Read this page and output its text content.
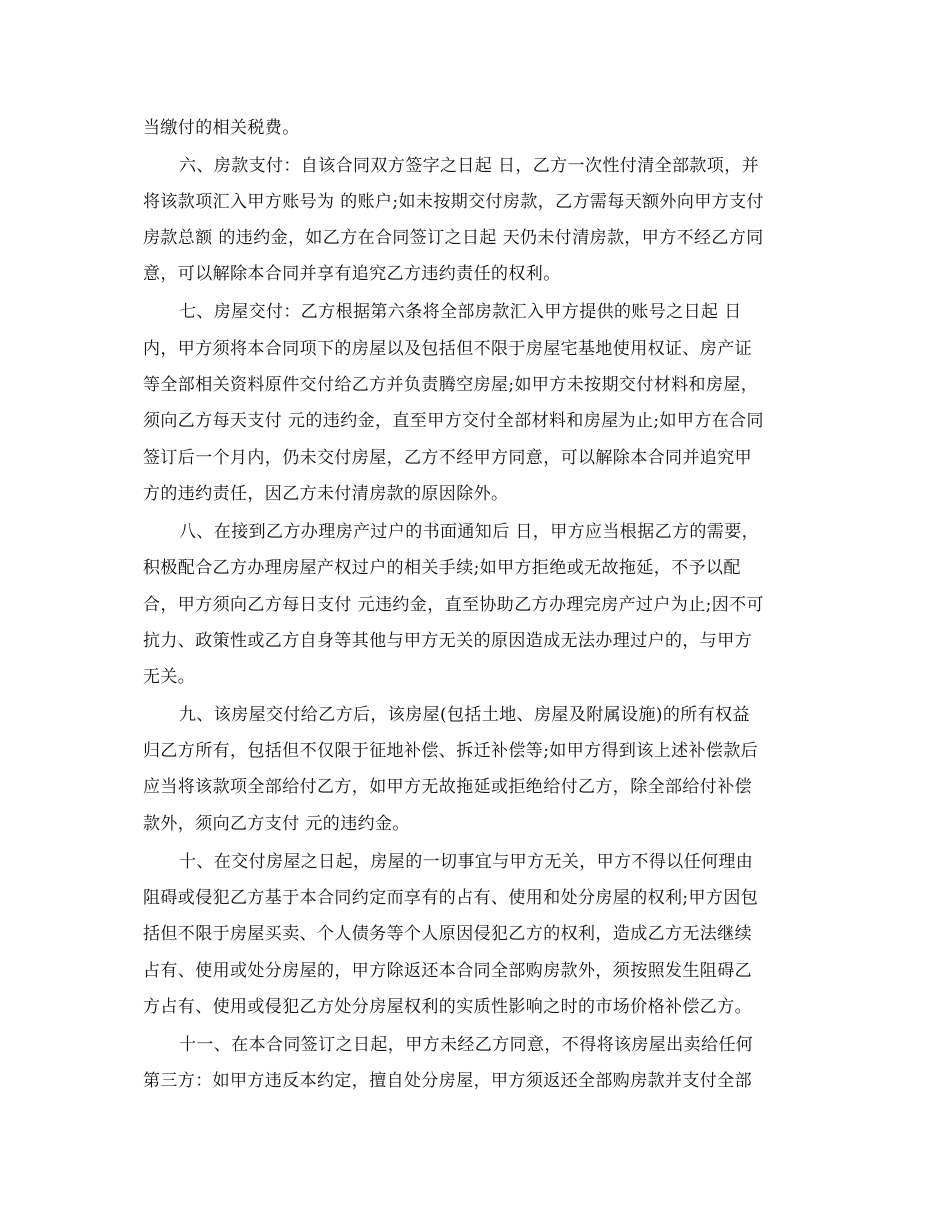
当缴付的相关税费。
六、房款支付：自该合同双方签字之日起 日，乙方一次性付清全部款项，并
将该款项汇入甲方账号为 的账户;如未按期交付房款，乙方需每天额外向甲方支付
房款总额 的违约金，如乙方在合同签订之日起 天仍未付清房款，甲方不经乙方同
意，可以解除本合同并享有追究乙方违约责任的权利。
七、房屋交付：乙方根据第六条将全部房款汇入甲方提供的账号之日起 日
内，甲方须将本合同项下的房屋以及包括但不限于房屋宅基地使用权证、房产证
等全部相关资料原件交付给乙方并负责腾空房屋;如甲方未按期交付材料和房屋，
须向乙方每天支付 元的违约金，直至甲方交付全部材料和房屋为止;如甲方在合同
签订后一个月内，仍未交付房屋，乙方不经甲方同意，可以解除本合同并追究甲
方的违约责任，因乙方未付清房款的原因除外。
八、在接到乙方办理房产过户的书面通知后 日，甲方应当根据乙方的需要，
积极配合乙方办理房屋产权过户的相关手续;如甲方拒绝或无故拖延，不予以配
合，甲方须向乙方每日支付 元违约金，直至协助乙方办理完房产过户为止;因不可
抗力、政策性或乙方自身等其他与甲方无关的原因造成无法办理过户的，与甲方
无关。
九、该房屋交付给乙方后，该房屋(包括土地、房屋及附属设施)的所有权益
归乙方所有，包括但不仅限于征地补偿、拆迁补偿等;如甲方得到该上述补偿款后
应当将该款项全部给付乙方，如甲方无故拖延或拒绝给付乙方，除全部给付补偿
款外，须向乙方支付 元的违约金。
十、在交付房屋之日起，房屋的一切事宜与甲方无关，甲方不得以任何理由
阻碍或侵犯乙方基于本合同约定而享有的占有、使用和处分房屋的权利;甲方因包
括但不限于房屋买卖、个人债务等个人原因侵犯乙方的权利，造成乙方无法继续
占有、使用或处分房屋的，甲方除返还本合同全部购房款外，须按照发生阻碍乙
方占有、使用或侵犯乙方处分房屋权利的实质性影响之时的市场价格补偿乙方。
十一、在本合同签订之日起，甲方未经乙方同意，不得将该房屋出卖给任何
第三方：如甲方违反本约定，擅自处分房屋，甲方须返还全部购房款并支付全部
